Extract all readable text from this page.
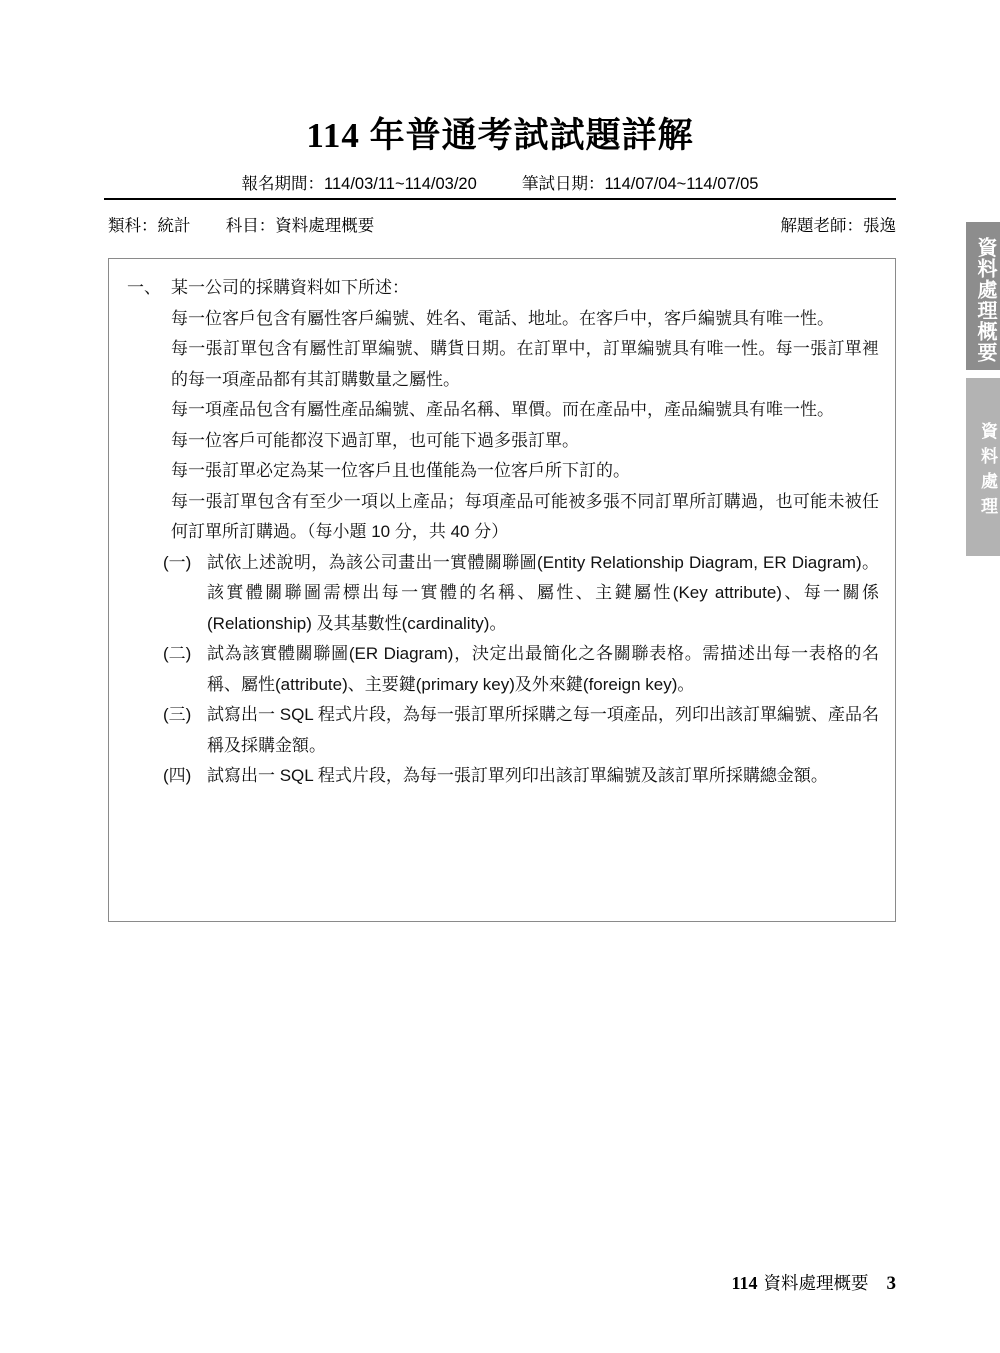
114 年普通考試試題詳解
報名期間：114/03/11~114/03/20	筆試日期：114/07/04~114/07/05
類科：統計 科目：資料處理概要	解題老師：張逸
資料處理概要
資料處理
一、 某一公司的採購資料如下所述：

每一位客戶包含有屬性客戶編號、姓名、電話、地址。在客戶中，客戶編號具有唯一性。

每一張訂單包含有屬性訂單編號、購貨日期。在訂單中，訂單編號具有唯一性。每一張訂單裡的每一項產品都有其訂購數量之屬性。

每一項產品包含有屬性產品編號、產品名稱、單價。而在產品中，產品編號具有唯一性。

每一位客戶可能都沒下過訂單，也可能下過多張訂單。

每一張訂單必定為某一位客戶且也僅能為一位客戶所下訂的。

每一張訂單包含有至少一項以上產品；每項產品可能被多張不同訂單所訂購過，也可能未被任何訂單所訂購過。（每小題 10 分，共 40 分）

(一) 試依上述說明，為該公司畫出一實體關聯圖(Entity Relationship Diagram, ER Diagram)。該實體關聯圖需標出每一實體的名稱、屬性、主鍵屬性(Key attribute)、每一關係(Relationship) 及其基數性(cardinality)。
(二) 試為該實體關聯圖(ER Diagram)，決定出最簡化之各關聯表格。需描述出每一表格的名稱、屬性(attribute)、主要鍵(primary key)及外來鍵(foreign key)。
(三) 試寫出一 SQL 程式片段，為每一張訂單所採購之每一項產品，列印出該訂單編號、產品名稱及採購金額。
(四) 試寫出一 SQL 程式片段，為每一張訂單列印出該訂單編號及該訂單所採購總金額。
114 資料處理概要 3
